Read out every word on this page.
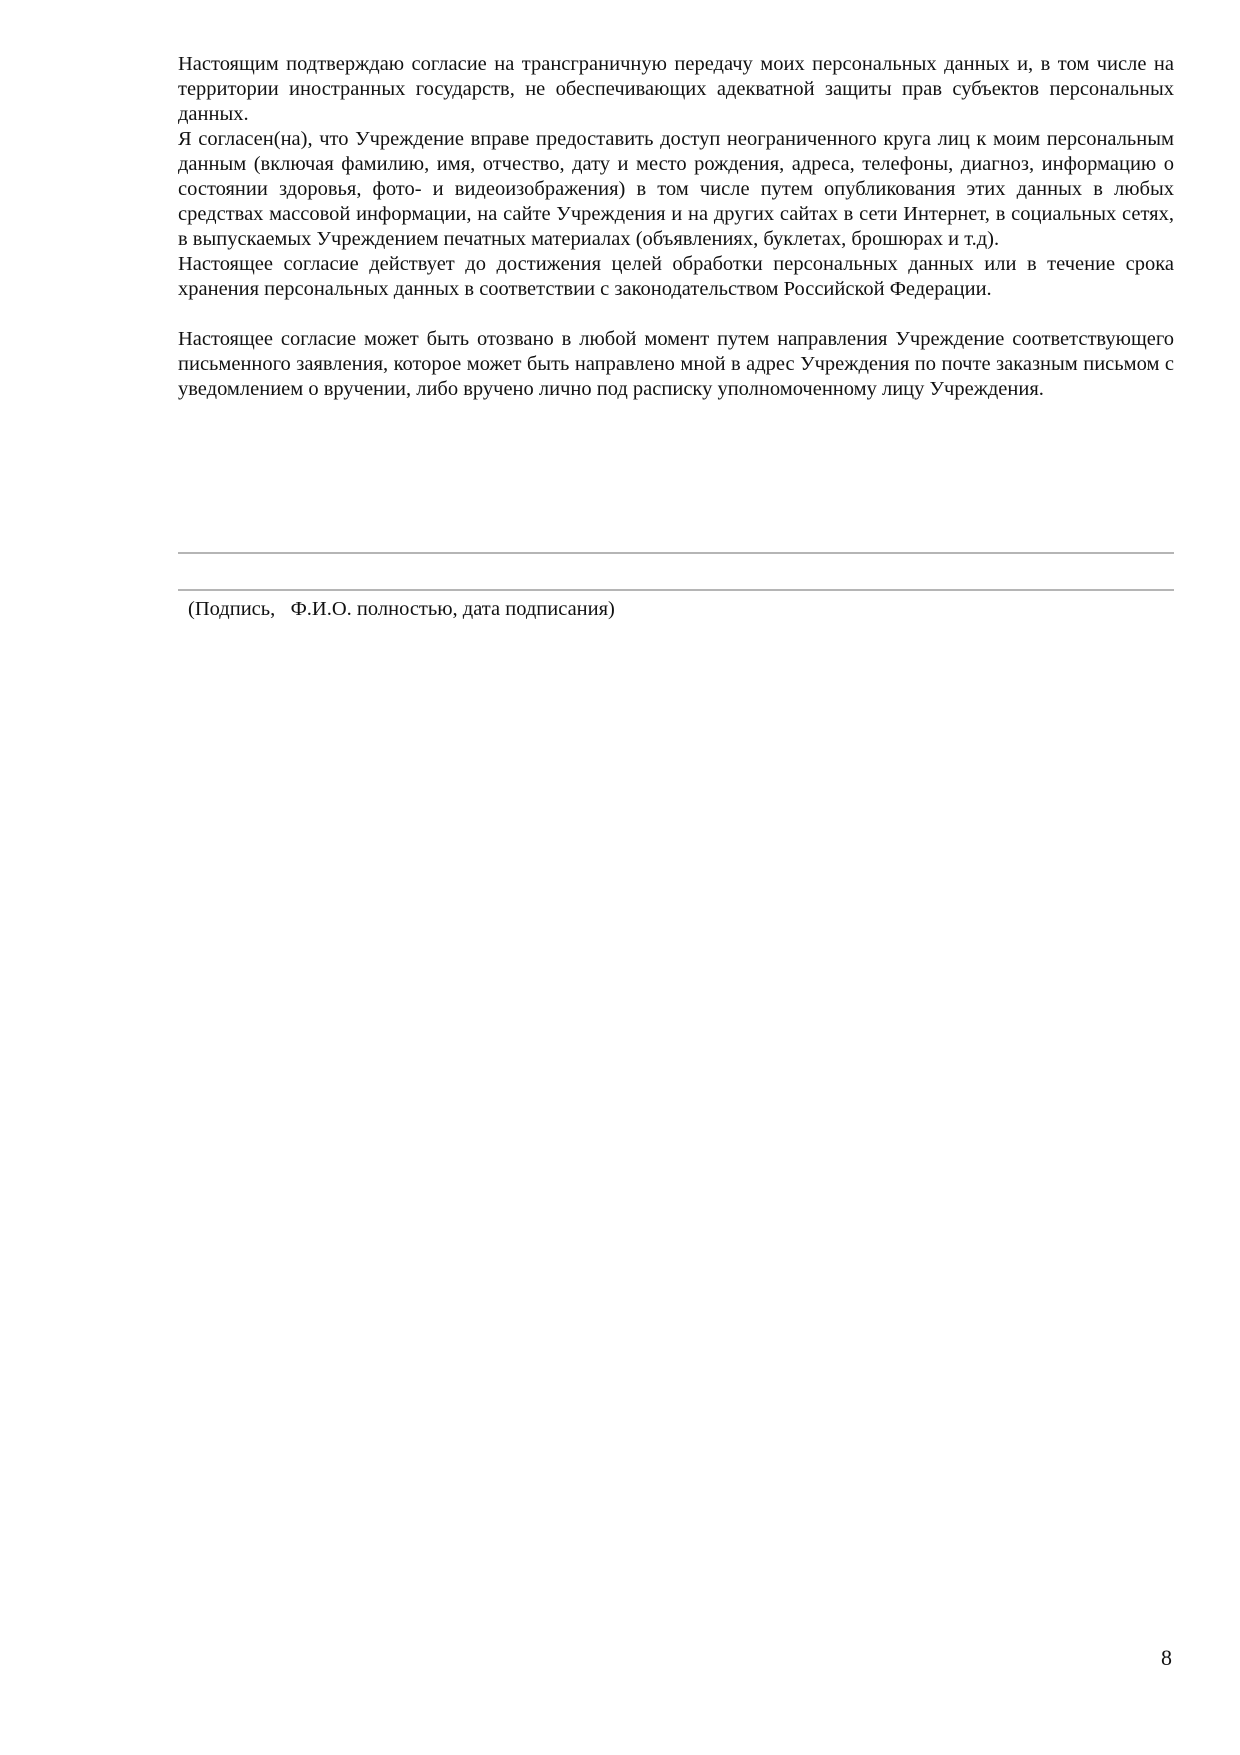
Настоящим подтверждаю согласие на трансграничную передачу моих персональных данных и, в том числе на территории иностранных государств, не обеспечивающих адекватной защиты прав субъектов персональных данных.

Я согласен(на), что Учреждение вправе предоставить доступ неограниченного круга лиц к моим персональным данным (включая фамилию, имя, отчество, дату и место рождения, адреса, телефоны, диагноз, информацию о состоянии здоровья, фото- и видеоизображения) в том числе путем опубликования этих данных в любых средствах массовой информации, на сайте Учреждения и на других сайтах в сети Интернет, в социальных сетях, в выпускаемых Учреждением печатных материалах (объявлениях, буклетах, брошюрах и т.д).

Настоящее согласие действует до достижения целей обработки персональных данных или в течение срока хранения персональных данных в соответствии с законодательством Российской Федерации.

Настоящее согласие может быть отозвано в любой момент путем направления Учреждение соответствующего письменного заявления, которое может быть направлено мной в адрес Учреждения по почте заказным письмом с уведомлением о вручении, либо вручено лично под расписку уполномоченному лицу Учреждения.

(Подпись,   Ф.И.О. полностью, дата подписания)
8
